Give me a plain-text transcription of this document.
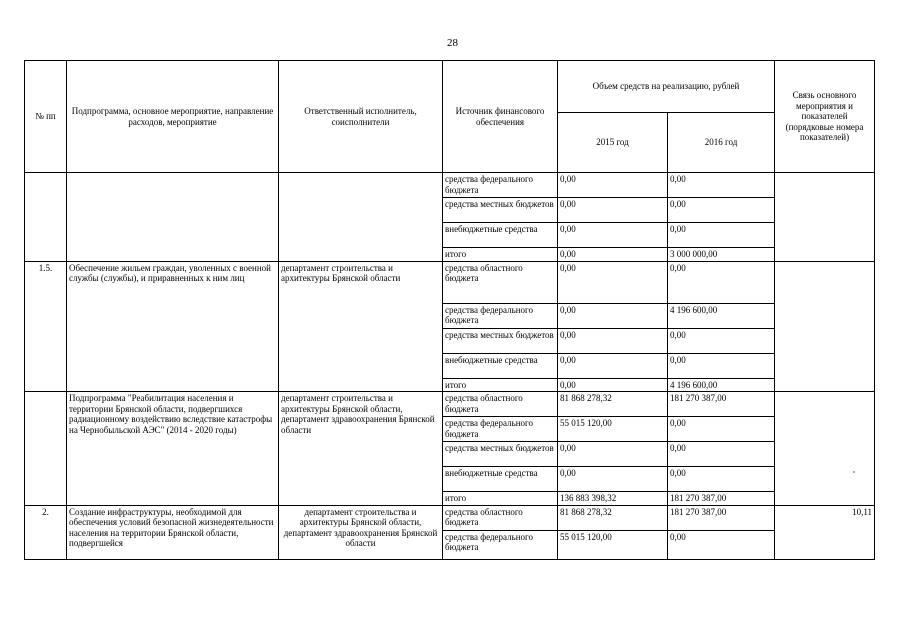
28
№ пп	Подпрограмма, основное мероприятие, направление расходов, мероприятие	Ответственный исполнитель, соисполнители	Источник финансового обеспечения	Объем средств на реализацию, рублей		Связь основного мероприятия и показателей (порядковые номера показателей)
				2015 год	2016 год	
			средства федерального бюджета	0,00	0,00	
			средства местных бюджетов	0,00	0,00	
			внебюджетные средства	0,00	0,00	
			итого	0,00	3 000 000,00	
1.5.	Обеспечение жильем граждан, уволенных с военной службы (службы), и приравненных к ним лиц	департамент строительства и архитектуры Брянской области	средства областного бюджета	0,00	0,00	
			средства федерального бюджета	0,00	4 196 600,00	
			средства местных бюджетов	0,00	0,00	
			внебюджетные средства	0,00	0,00	
			итого	0,00	4 196 600,00	
	Подпрограмма "Реабилитация населения и территории Брянской области, подвергшихся радиационному воздействию вследствие катастрофы на Чернобыльской АЭС" (2014 - 2020 годы)	департамент строительства и архитектуры Брянской области, департамент здравоохранения Брянской области	средства областного бюджета	81 868 278,32	181 270 387,00	
			средства федерального бюджета	55 015 120,00	0,00	
			средства местных бюджетов	0,00	0,00	
			внебюджетные средства	0,00	0,00	
			итого	136 883 398,32	181 270 387,00	
2.	Создание инфраструктуры, необходимой для обеспечения условий безопасной жизнедеятельности населения на территории Брянской области, подвергшейся	департамент строительства и архитектуры Брянской области, департамент здравоохранения Брянской области	средства областного бюджета	81 868 278,32	181 270 387,00	10,11
			средства федерального бюджета	55 015 120,00	0,00	
